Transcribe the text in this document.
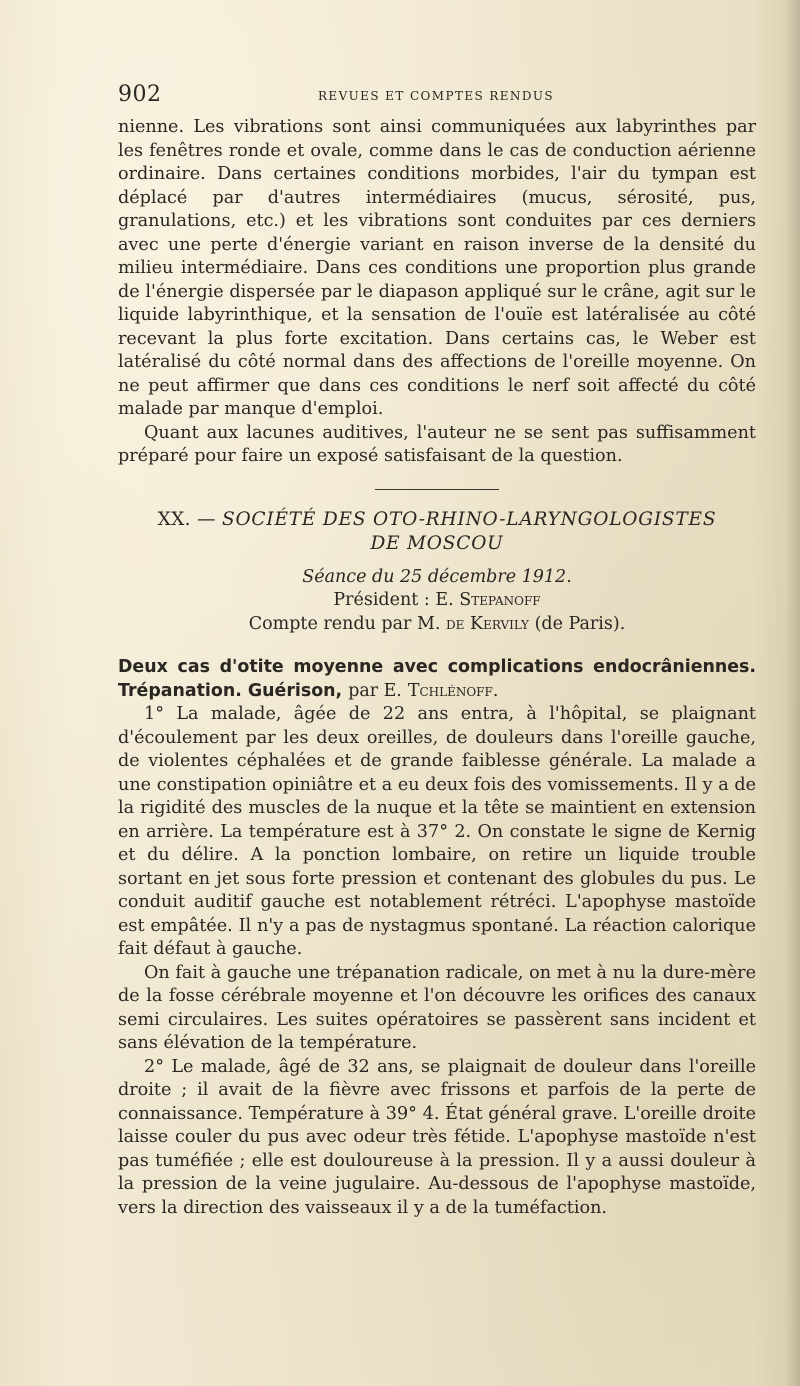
902	REVUES ET COMPTES RENDUS

nienne. Les vibrations sont ainsi communiquées aux labyrinthes par les fenêtres ronde et ovale, comme dans le cas de conduction aérienne ordinaire. Dans certaines conditions morbides, l'air du tympan est déplacé par d'autres intermédiaires (mucus, sérosité, pus, granulations, etc.) et les vibrations sont conduites par ces derniers avec une perte d'énergie variant en raison inverse de la densité du milieu intermédiaire. Dans ces conditions une proportion plus grande de l'énergie dispersée par le diapason appliqué sur le crâne, agit sur le liquide labyrinthique, et la sensation de l'ouïe est latéralisée au côté recevant la plus forte excitation. Dans certains cas, le Weber est latéralisé du côté normal dans des affections de l'oreille moyenne. On ne peut affirmer que dans ces conditions le nerf soit affecté du côté malade par manque d'emploi.

Quant aux lacunes auditives, l'auteur ne se sent pas suffisamment préparé pour faire un exposé satisfaisant de la question.

XX. — SOCIÉTÉ DES OTO-RHINO-LARYNGOLOGISTES
DE MOSCOU
Séance du 25 décembre 1912.
Président : E. Stepanoff
Compte rendu par M. de Kervily (de Paris).
Deux cas d'otite moyenne avec complications endocrâniennes. Trépanation. Guérison, par E. Tchlénoff.

1° La malade, âgée de 22 ans entra, à l'hôpital, se plaignant d'écoulement par les deux oreilles, de douleurs dans l'oreille gauche, de violentes céphalées et de grande faiblesse générale. La malade a une constipation opiniâtre et a eu deux fois des vomissements. Il y a de la rigidité des muscles de la nuque et la tête se maintient en extension en arrière. La température est à 37° 2. On constate le signe de Kernig et du délire. A la ponction lombaire, on retire un liquide trouble sortant en jet sous forte pression et contenant des globules du pus. Le conduit auditif gauche est notablement rétréci. L'apophyse mastoïde est empâtée. Il n'y a pas de nystagmus spontané. La réaction calorique fait défaut à gauche.

On fait à gauche une trépanation radicale, on met à nu la dure-mère de la fosse cérébrale moyenne et l'on découvre les orifices des canaux semi circulaires. Les suites opératoires se passèrent sans incident et sans élévation de la température.

2° Le malade, âgé de 32 ans, se plaignait de douleur dans l'oreille droite ; il avait de la fièvre avec frissons et parfois de la perte de connaissance. Température à 39° 4. État général grave. L'oreille droite laisse couler du pus avec odeur très fétide. L'apophyse mastoïde n'est pas tuméfiée ; elle est douloureuse à la pression. Il y a aussi douleur à la pression de la veine jugulaire. Au-dessous de l'apophyse mastoïde, vers la direction des vaisseaux il y a de la tuméfaction.
